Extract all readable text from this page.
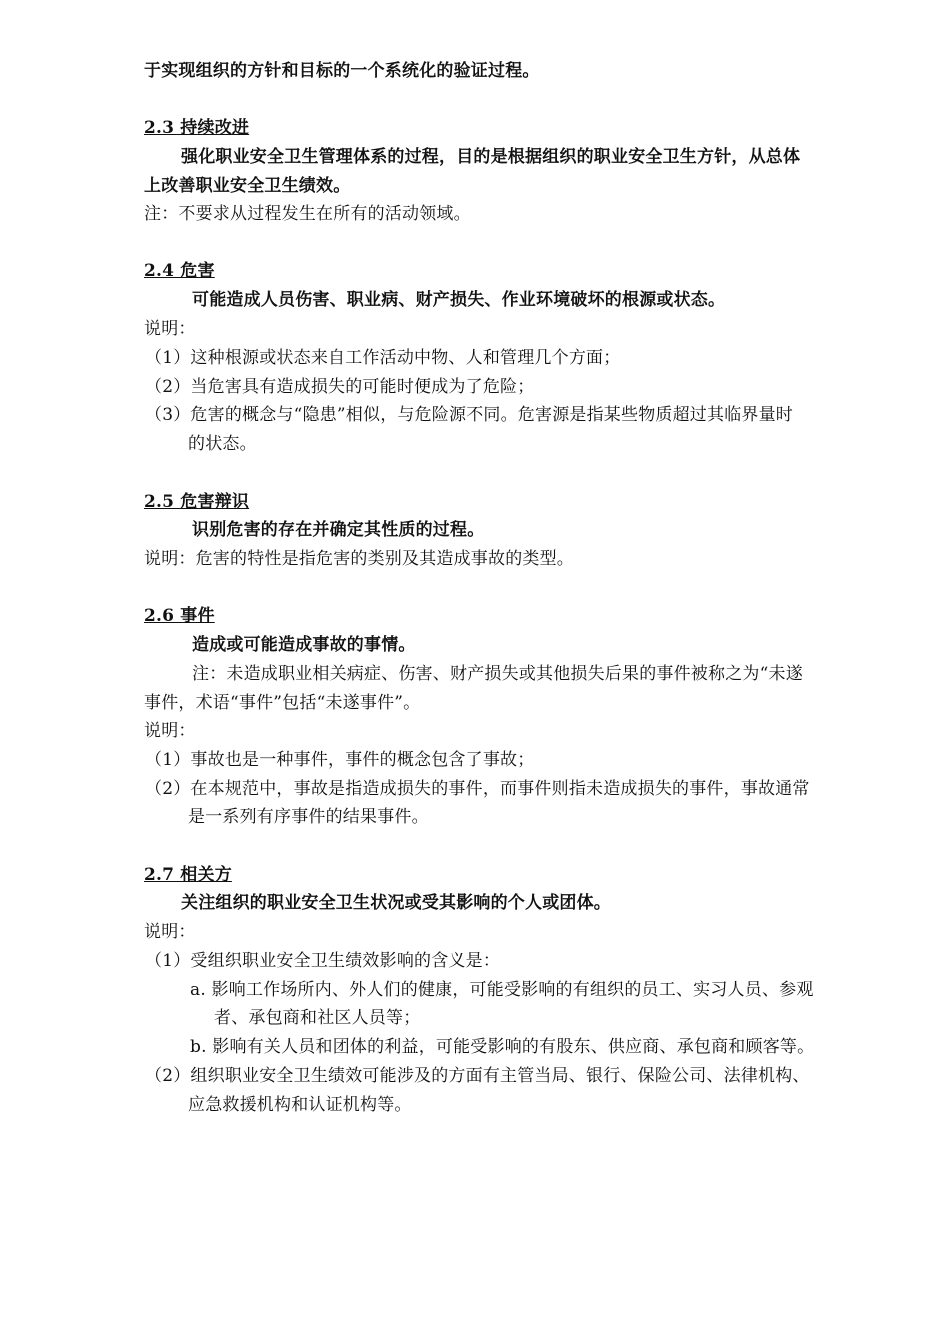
于实现组织的方针和目标的一个系统化的验证过程。
2.3 持续改进
强化职业安全卫生管理体系的过程，目的是根据组织的职业安全卫生方针，从总体
上改善职业安全卫生绩效。
注：不要求从过程发生在所有的活动领域。
2.4 危害
可能造成人员伤害、职业病、财产损失、作业环境破坏的根源或状态。
说明：
（1）这种根源或状态来自工作活动中物、人和管理几个方面；
（2）当危害具有造成损失的可能时便成为了危险；
（3）危害的概念与“隐患”相似，与危险源不同。危害源是指某些物质超过其临界量时
的状态。
2.5 危害辩识
识别危害的存在并确定其性质的过程。
说明：危害的特性是指危害的类别及其造成事故的类型。
2.6 事件
造成或可能造成事故的事情。
注：未造成职业相关病症、伤害、财产损失或其他损失后果的事件被称之为“未遂
事件，术语“事件”包括“未遂事件”。
说明：
（1）事故也是一种事件，事件的概念包含了事故；
（2）在本规范中，事故是指造成损失的事件，而事件则指未造成损失的事件，事故通常
是一系列有序事件的结果事件。
2.7 相关方
关注组织的职业安全卫生状况或受其影响的个人或团体。
说明：
（1）受组织职业安全卫生绩效影响的含义是：
a. 影响工作场所内、外人们的健康，可能受影响的有组织的员工、实习人员、参观
者、承包商和社区人员等；
b. 影响有关人员和团体的利益，可能受影响的有股东、供应商、承包商和顾客等。
（2）组织职业安全卫生绩效可能涉及的方面有主管当局、银行、保险公司、法律机构、
应急救援机构和认证机构等。
